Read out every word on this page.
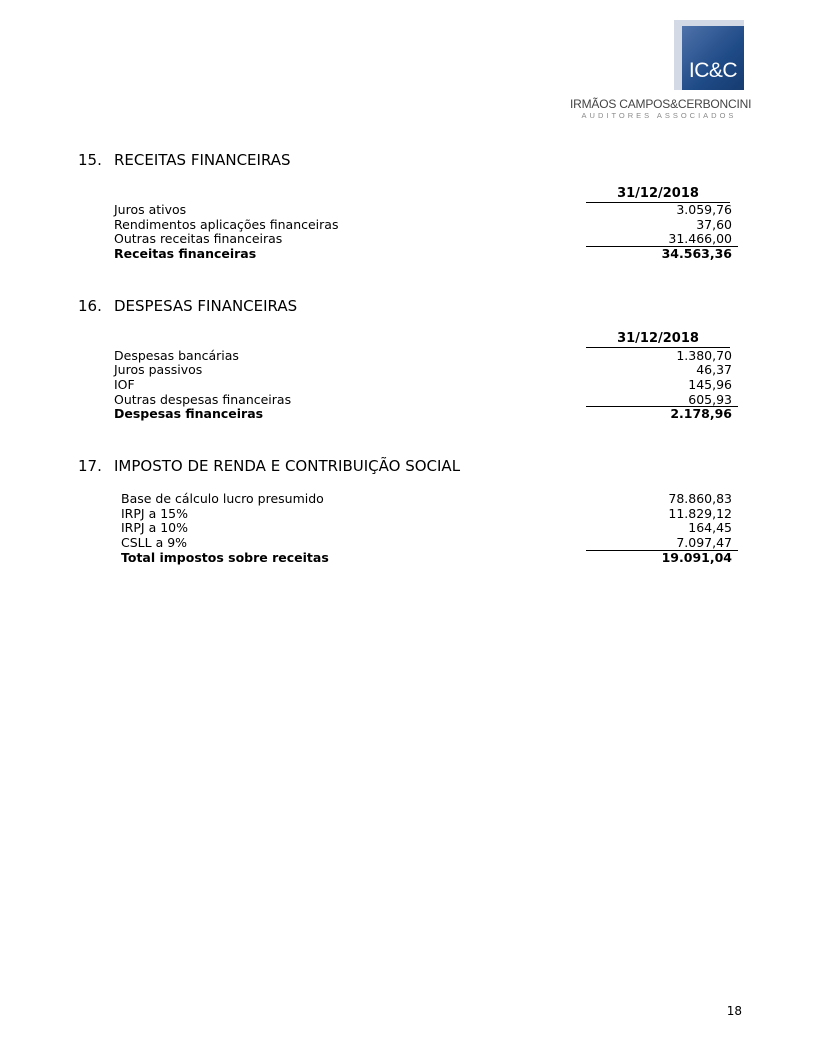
IC&C
IRMÃOS CAMPOS&CERBONCINI
AUDITORES ASSOCIADOS
15. RECEITAS FINANCEIRAS
31/12/2018
Juros ativos	3.059,76
Rendimentos aplicações financeiras	37,60
Outras receitas financeiras	31.466,00
Receitas financeiras	34.563,36
16. DESPESAS FINANCEIRAS
31/12/2018
Despesas bancárias	1.380,70
Juros passivos	46,37
IOF	145,96
Outras despesas financeiras	605,93
Despesas financeiras	2.178,96
17. IMPOSTO DE RENDA E CONTRIBUIÇÃO SOCIAL
Base de cálculo lucro presumido	78.860,83
IRPJ a 15%	11.829,12
IRPJ a 10%	164,45
CSLL a 9%	7.097,47
Total impostos sobre receitas	19.091,04
18
